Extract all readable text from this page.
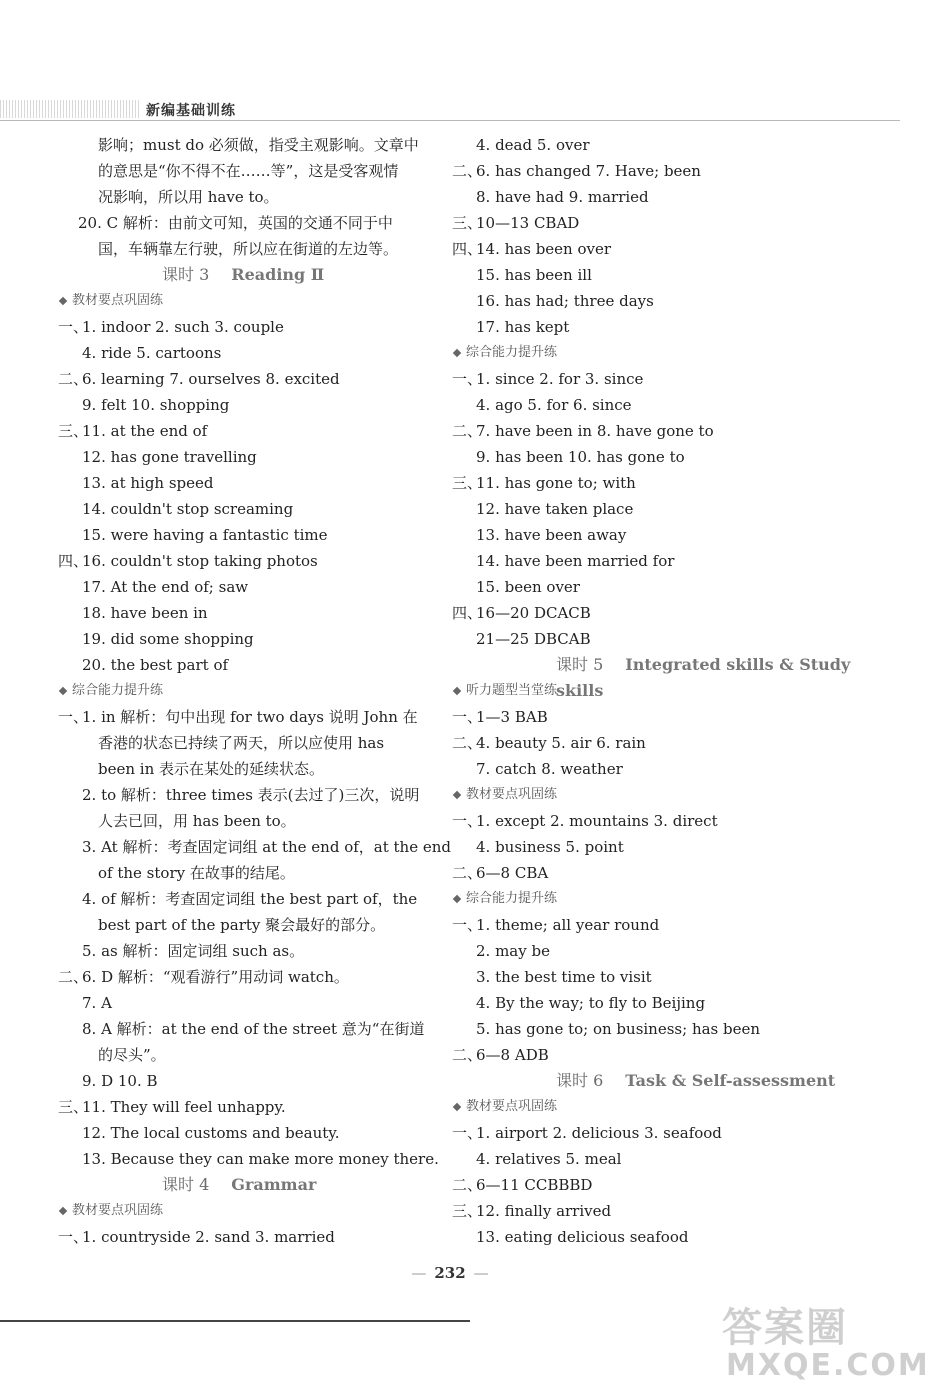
新编基础训练
影响；must do 必须做，指受主观影响。文章中
的意思是“你不得不在……等”，这是受客观情
况影响，所以用 have to。
20. C 解析：由前文可知，英国的交通不同于中
国，车辆靠左行驶，所以应在街道的左边等。
课时 3 Reading Ⅱ
教材要点巩固练
一、1. indoor 2. such 3. couple
4. ride 5. cartoons
二、6. learning 7. ourselves 8. excited
9. felt 10. shopping
三、11. at the end of
12. has gone travelling
13. at high speed
14. couldn't stop screaming
15. were having a fantastic time
四、16. couldn't stop taking photos
17. At the end of; saw
18. have been in
19. did some shopping
20. the best part of
综合能力提升练
一、1. in 解析：句中出现 for two days 说明 John 在
香港的状态已持续了两天，所以应使用 has
been in 表示在某处的延续状态。
2. to 解析：three times 表示(去过了)三次，说明
人去已回，用 has been to。
3. At 解析：考查固定词组 at the end of，at the end
of the story 在故事的结尾。
4. of 解析：考查固定词组 the best part of，the
best part of the party 聚会最好的部分。
5. as 解析：固定词组 such as。
二、6. D 解析：“观看游行”用动词 watch。
7. A
8. A 解析：at the end of the street 意为“在街道
的尽头”。
9. D 10. B
三、11. They will feel unhappy.
12. The local customs and beauty.
13. Because they can make more money there.
课时 4 Grammar
教材要点巩固练
一、1. countryside 2. sand 3. married
4. dead 5. over
二、6. has changed 7. Have; been
8. have had 9. married
三、10—13 CBAD
四、14. has been over
15. has been ill
16. has had; three days
17. has kept
综合能力提升练
一、1. since 2. for 3. since
4. ago 5. for 6. since
二、7. have been in 8. have gone to
9. has been 10. has gone to
三、11. has gone to; with
12. have taken place
13. have been away
14. have been married for
15. been over
四、16—20 DCACB
21—25 DBCAB
课时 5 Integrated skills & Study skills
听力题型当堂练
一、1—3 BAB
二、4. beauty 5. air 6. rain
7. catch 8. weather
教材要点巩固练
一、1. except 2. mountains 3. direct
4. business 5. point
二、6—8 CBA
综合能力提升练
一、1. theme; all year round
2. may be
3. the best time to visit
4. By the way; to fly to Beijing
5. has gone to; on business; has been
二、6—8 ADB
课时 6 Task & Self-assessment
教材要点巩固练
一、1. airport 2. delicious 3. seafood
4. relatives 5. meal
二、6—11 CCBBBD
三、12. finally arrived
13. eating delicious seafood
— 232 —
答案圈
MXQE.COM
